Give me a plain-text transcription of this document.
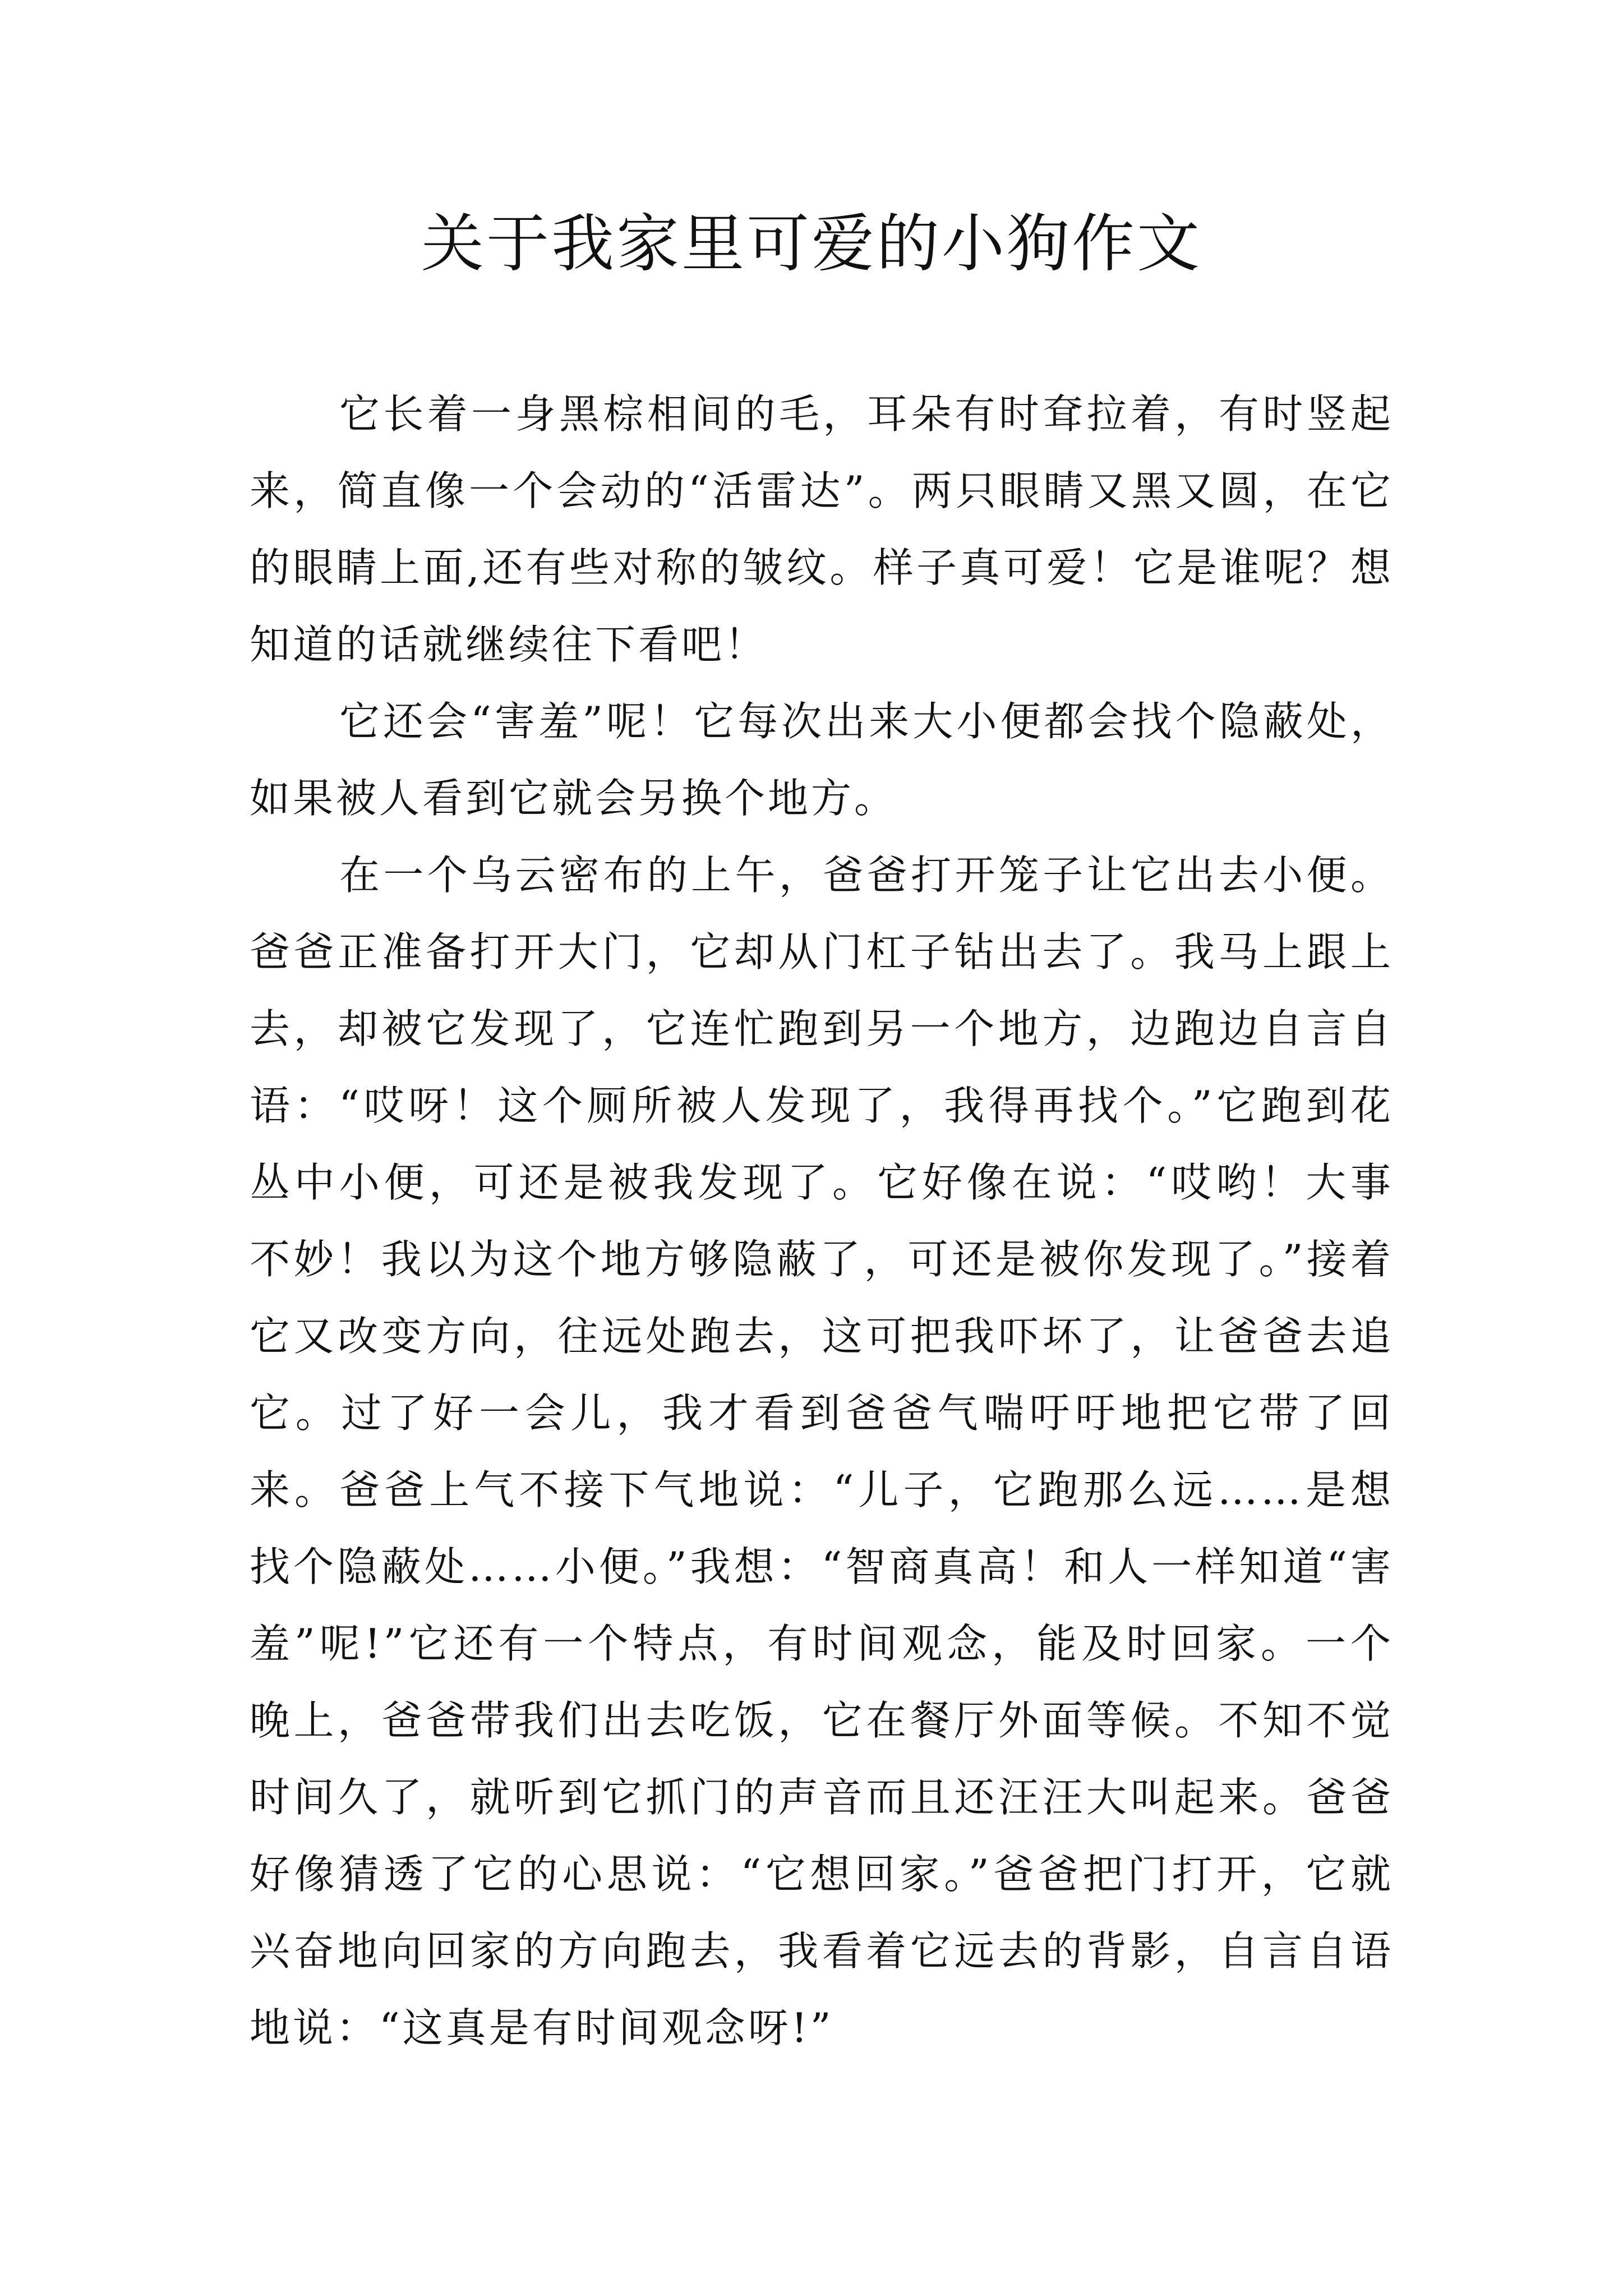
关于我家里可爱的小狗作文

它长着一身黑棕相间的毛，耳朵有时耷拉着，有时竖起来，简直像一个会动的“活雷达”。两只眼睛又黑又圆，在它的眼睛上面,还有些对称的皱纹。样子真可爱！它是谁呢？想知道的话就继续往下看吧！

它还会“害羞”呢！它每次出来大小便都会找个隐蔽处，如果被人看到它就会另换个地方。

在一个乌云密布的上午，爸爸打开笼子让它出去小便。爸爸正准备打开大门，它却从门杠子钻出去了。我马上跟上去，却被它发现了，它连忙跑到另一个地方，边跑边自言自语：“哎呀！这个厕所被人发现了，我得再找个。”它跑到花丛中小便，可还是被我发现了。它好像在说：“哎哟！大事不妙！我以为这个地方够隐蔽了，可还是被你发现了。”接着它又改变方向，往远处跑去，这可把我吓坏了，让爸爸去追它。过了好一会儿，我才看到爸爸气喘吁吁地把它带了回来。爸爸上气不接下气地说：“儿子，它跑那么远……是想找个隐蔽处……小便。”我想：“智商真高！和人一样知道“害羞”呢!”它还有一个特点，有时间观念，能及时回家。一个晚上，爸爸带我们出去吃饭，它在餐厅外面等候。不知不觉时间久了，就听到它抓门的声音而且还汪汪大叫起来。爸爸好像猜透了它的心思说：“它想回家。”爸爸把门打开，它就兴奋地向回家的方向跑去，我看着它远去的背影，自言自语地说：“这真是有时间观念呀!”
